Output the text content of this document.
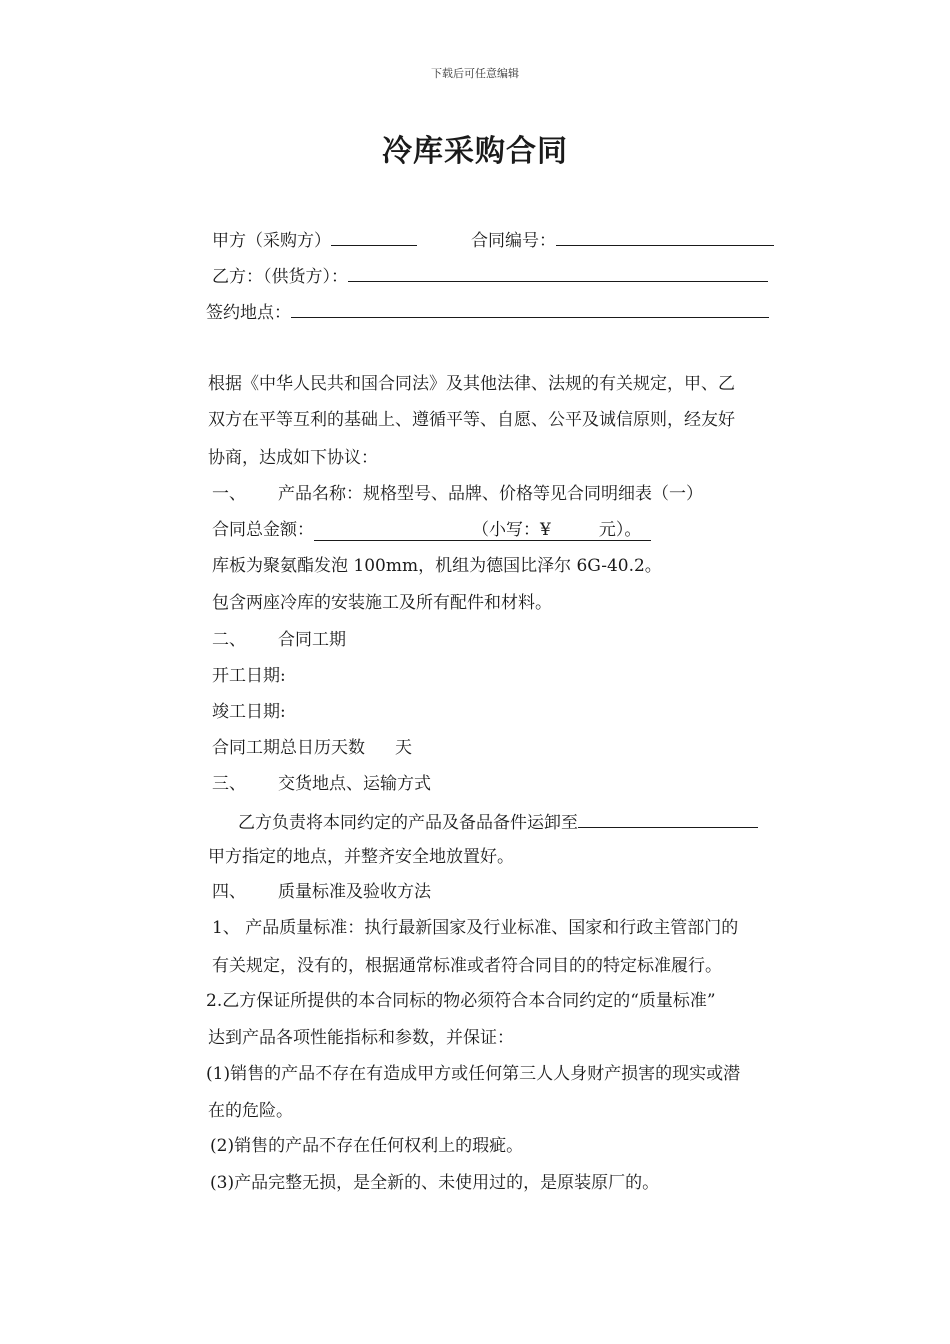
下载后可任意编辑
冷库采购合同
甲方（采购方）	合同编号：
乙方：（供货方）：
签约地点：
根据《中华人民共和国合同法》及其他法律、法规的有关规定，甲、乙
双方在平等互利的基础上、遵循平等、自愿、公平及诚信原则，经友好
协商，达成如下协议：
一、 产品名称：规格型号、品牌、价格等见合同明细表（一）
合同总金额：	（小写：¥	元）。
库板为聚氨酯发泡 100mm，机组为德国比泽尔 6G-40.2。
包含两座冷库的安装施工及所有配件和材料。
二、 合同工期
开工日期:
竣工日期:
合同工期总日历天数 天
三、 交货地点、运输方式
乙方负责将本同约定的产品及备品备件运卸至
甲方指定的地点，并整齐安全地放置好。
四、 质量标准及验收方法
1、 产品质量标准：执行最新国家及行业标准、国家和行政主管部门的
有关规定，没有的，根据通常标准或者符合同目的的特定标准履行。
2.乙方保证所提供的本合同标的物必须符合本合同约定的“质量标准”
达到产品各项性能指标和参数，并保证：
(1)销售的产品不存在有造成甲方或任何第三人人身财产损害的现实或潜
在的危险。
(2)销售的产品不存在任何权利上的瑕疵。
(3)产品完整无损，是全新的、未使用过的，是原装原厂的。
